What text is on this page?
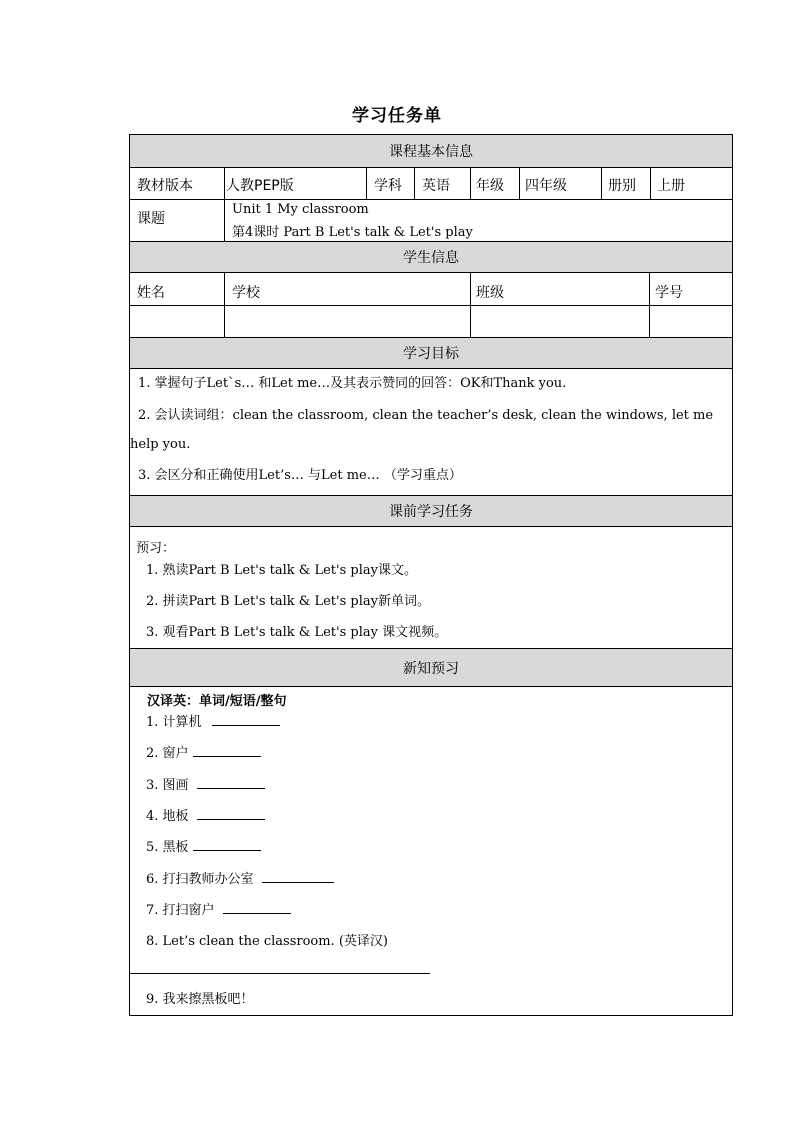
学习任务单
课程基本信息
教材版本 人教PEP版	学科 英语 年级 四年级	册别 上册
课题
Unit 1 My classroom
第4课时 Part B Let's talk & Let's play
学生信息
姓名	学校	班级	学号
学习目标
1. 掌握句子Let`s… 和Let me…及其表示赞同的回答：OK和Thank you.
2. 会认读词组：clean the classroom, clean the teacher’s desk, clean the windows, let me
help you.
3. 会区分和正确使用Let’s… 与Let me… （学习重点）
课前学习任务
预习：
1. 熟读Part B Let's talk & Let's play课文。
2. 拼读Part B Let's talk & Let's play新单词。
3. 观看Part B Let's talk & Let's play 课文视频。
新知预习
汉译英：单词/短语/整句
1. 计算机
2. 窗户
3. 图画
4. 地板
5. 黑板
6. 打扫教师办公室
7. 打扫窗户
8. Let’s clean the classroom. (英译汉)
9. 我来擦黑板吧！
